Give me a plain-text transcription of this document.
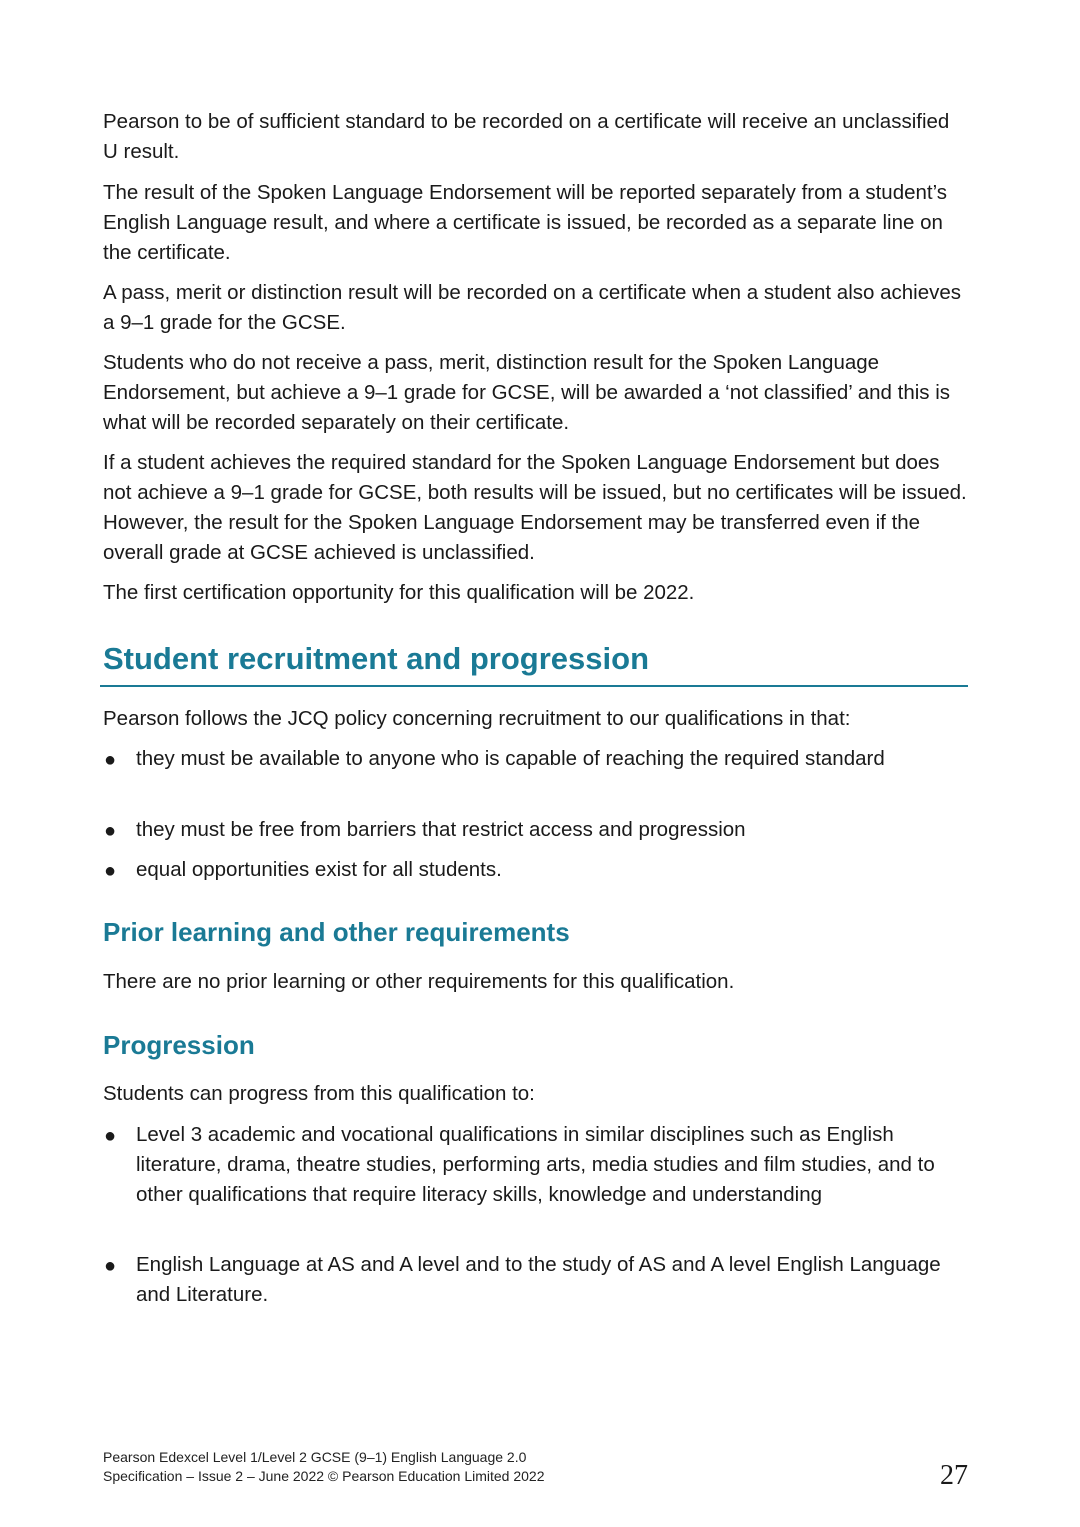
Pearson to be of sufficient standard to be recorded on a certificate will receive an unclassified U result.

The result of the Spoken Language Endorsement will be reported separately from a student’s English Language result, and where a certificate is issued, be recorded as a separate line on the certificate.

A pass, merit or distinction result will be recorded on a certificate when a student also achieves a 9–1 grade for the GCSE.

Students who do not receive a pass, merit, distinction result for the Spoken Language Endorsement, but achieve a 9–1 grade for GCSE, will be awarded a ‘not classified’ and this is what will be recorded separately on their certificate.

If a student achieves the required standard for the Spoken Language Endorsement but does not achieve a 9–1 grade for GCSE, both results will be issued, but no certificates will be issued. However, the result for the Spoken Language Endorsement may be transferred even if the overall grade at GCSE achieved is unclassified.

The first certification opportunity for this qualification will be 2022.

Student recruitment and progression

Pearson follows the JCQ policy concerning recruitment to our qualifications in that:

● they must be available to anyone who is capable of reaching the required standard
● they must be free from barriers that restrict access and progression
● equal opportunities exist for all students.
Prior learning and other requirements

There are no prior learning or other requirements for this qualification.

Progression

Students can progress from this qualification to:

● Level 3 academic and vocational qualifications in similar disciplines such as English literature, drama, theatre studies, performing arts, media studies and film studies, and to other qualifications that require literacy skills, knowledge and understanding
● English Language at AS and A level and to the study of AS and A level English Language and Literature.
Pearson Edexcel Level 1/Level 2 GCSE (9–1) English Language 2.0
Specification – Issue 2 – June 2022 © Pearson Education Limited 2022	27
